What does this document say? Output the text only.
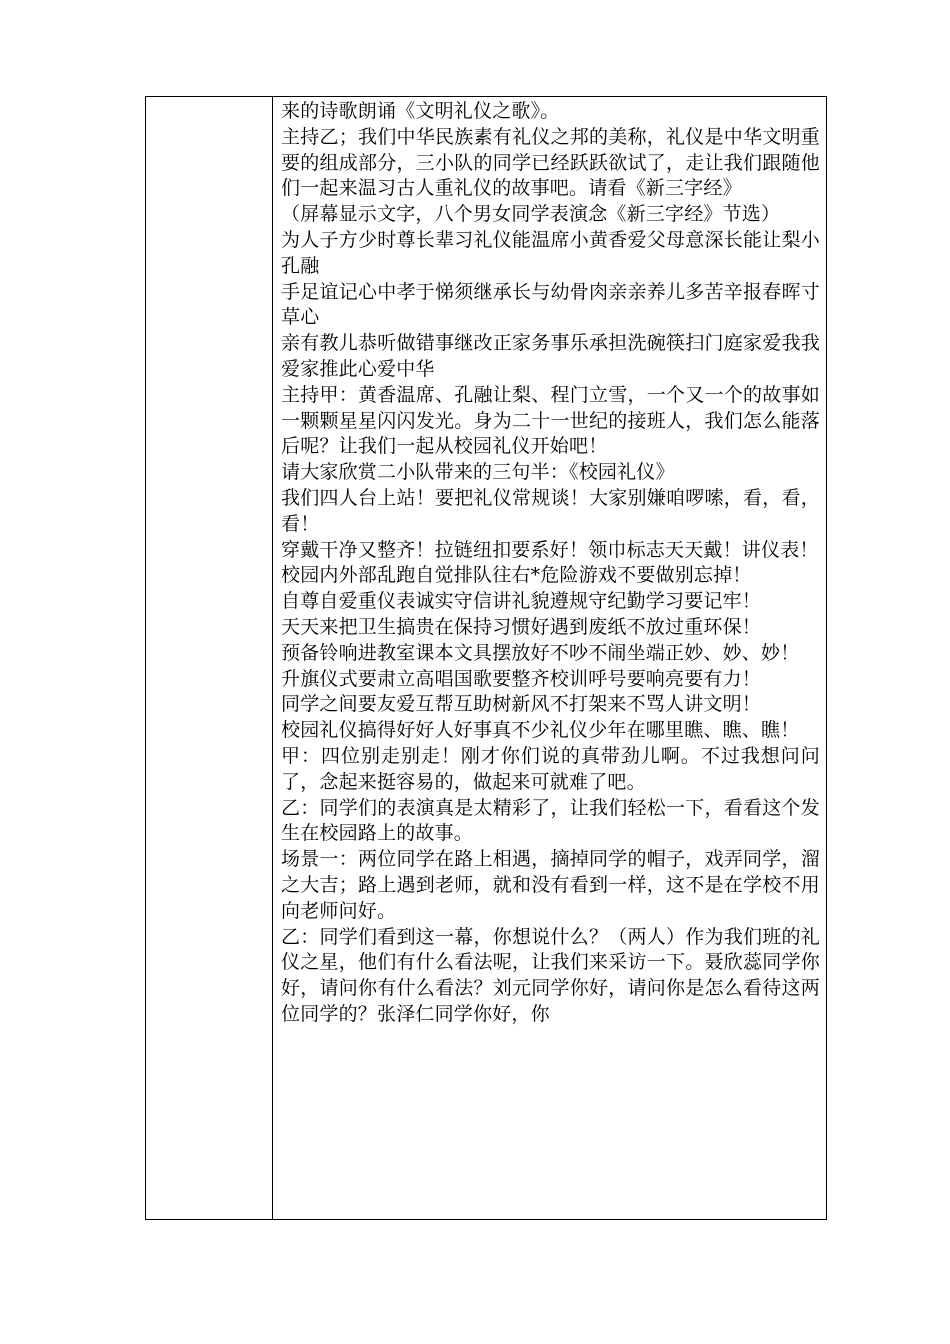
来的诗歌朗诵《文明礼仪之歌》。

主持乙；我们中华民族素有礼仪之邦的美称，礼仪是中华文明重要的组成部分，三小队的同学已经跃跃欲试了，走让我们跟随他们一起来温习古人重礼仪的故事吧。请看《新三字经》

（屏幕显示文字，八个男女同学表演念《新三字经》节选）

为人子方少时尊长辈习礼仪能温席小黄香爱父母意深长能让梨小孔融

手足谊记心中孝于悌须继承长与幼骨肉亲亲养儿多苦辛报春晖寸草心

亲有教儿恭听做错事继改正家务事乐承担洗碗筷扫门庭家爱我我爱家推此心爱中华

主持甲：黄香温席、孔融让梨、程门立雪，一个又一个的故事如一颗颗星星闪闪发光。身为二十一世纪的接班人，我们怎么能落后呢？让我们一起从校园礼仪开始吧！

请大家欣赏二小队带来的三句半：《校园礼仪》

我们四人台上站！要把礼仪常规谈！大家别嫌咱啰嗦，看，看，看！

穿戴干净又整齐！拉链纽扣要系好！领巾标志天天戴！讲仪表！

校园内外部乱跑自觉排队往右*危险游戏不要做别忘掉！

自尊自爱重仪表诚实守信讲礼貌遵规守纪勤学习要记牢！

天天来把卫生搞贵在保持习惯好遇到废纸不放过重环保！

预备铃响进教室课本文具摆放好不吵不闹坐端正妙、妙、妙！

升旗仪式要肃立高唱国歌要整齐校训呼号要响亮要有力！

同学之间要友爱互帮互助树新风不打架来不骂人讲文明！

校园礼仪搞得好好人好事真不少礼仪少年在哪里瞧、瞧、瞧！

甲：四位别走别走！刚才你们说的真带劲儿啊。不过我想问问了，念起来挺容易的，做起来可就难了吧。

乙：同学们的表演真是太精彩了，让我们轻松一下，看看这个发生在校园路上的故事。

场景一：两位同学在路上相遇，摘掉同学的帽子，戏弄同学，溜之大吉；路上遇到老师，就和没有看到一样，这不是在学校不用向老师问好。

乙：同学们看到这一幕，你想说什么？（两人）作为我们班的礼仪之星，他们有什么看法呢，让我们来采访一下。聂欣蕊同学你好，请问你有什么看法？刘元同学你好，请问你是怎么看待这两位同学的？张泽仁同学你好，你
